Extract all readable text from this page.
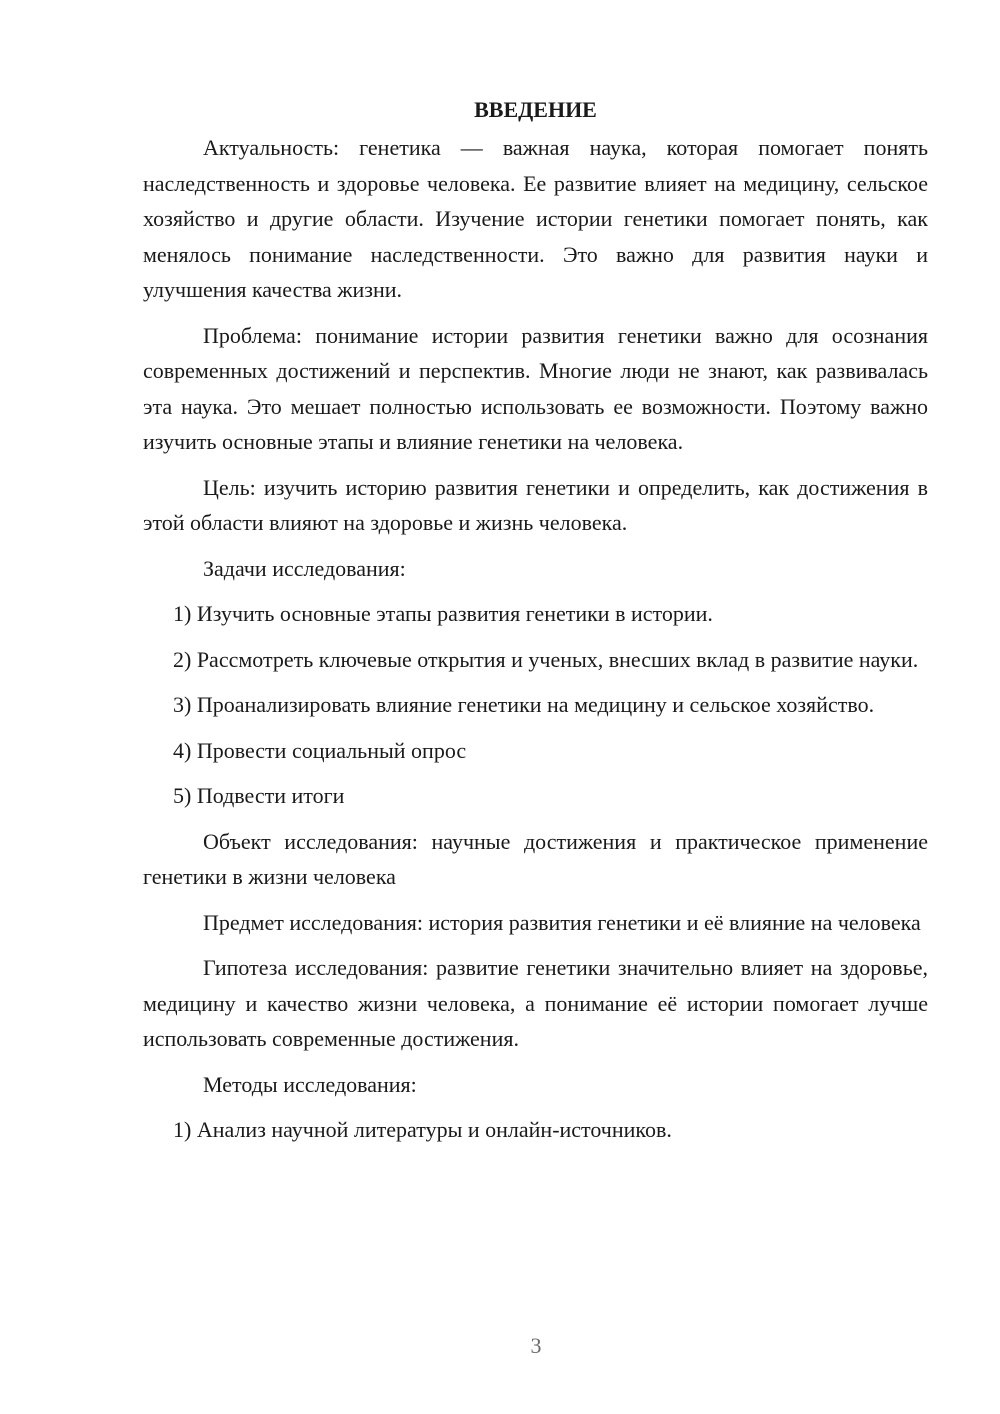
ВВЕДЕНИЕ

Актуальность: генетика — важная наука, которая помогает понять наследственность и здоровье человека. Ее развитие влияет на медицину, сельское хозяйство и другие области. Изучение истории генетики помогает понять, как менялось понимание наследственности. Это важно для развития науки и улучшения качества жизни.

Проблема: понимание истории развития генетики важно для осознания современных достижений и перспектив. Многие люди не знают, как развивалась эта наука. Это мешает полностью использовать ее возможности. Поэтому важно изучить основные этапы и влияние генетики на человека.

Цель: изучить историю развития генетики и определить, как достижения в этой области влияют на здоровье и жизнь человека.

Задачи исследования:

1) Изучить основные этапы развития генетики в истории.

2) Рассмотреть ключевые открытия и ученых, внесших вклад в развитие науки.

3) Проанализировать влияние генетики на медицину и сельское хозяйство.

4) Провести социальный опрос

5) Подвести итоги

Объект исследования: научные достижения и практическое применение генетики в жизни человека

Предмет исследования: история развития генетики и её влияние на человека

Гипотеза исследования: развитие генетики значительно влияет на здоровье, медицину и качество жизни человека, а понимание её истории помогает лучше использовать современные достижения.

Методы исследования:

1) Анализ научной литературы и онлайн-источников.

3
